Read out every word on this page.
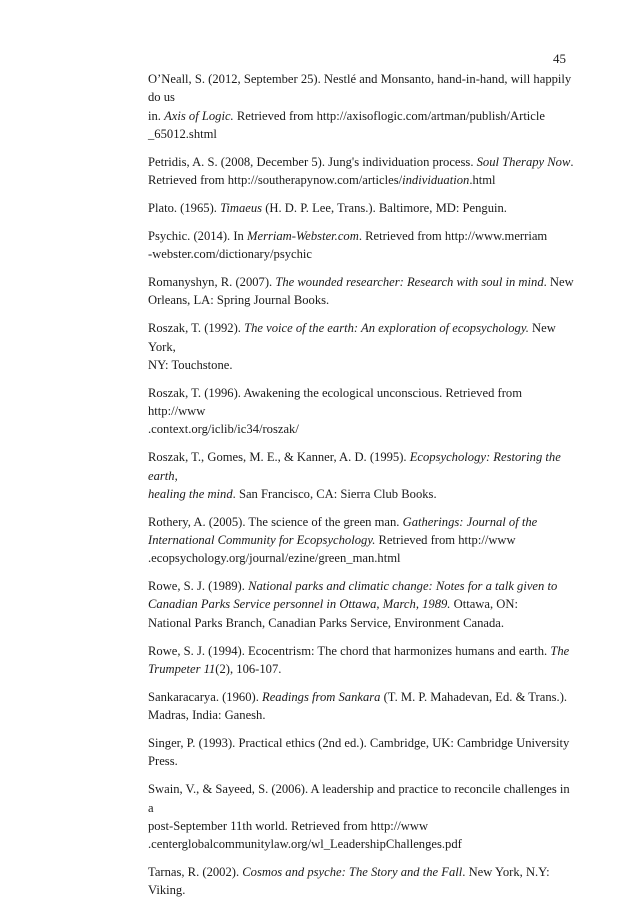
45

O’Neall, S. (2012, September 25). Nestlé and Monsanto, hand-in-hand, will happily do us
in. Axis of Logic. Retrieved from http://axisoflogic.com/artman/publish/Article
_65012.shtml

Petridis, A. S. (2008, December 5). Jung's individuation process. Soul Therapy Now.
Retrieved from http://southerapynow.com/articles/individuation.html

Plato. (1965). Timaeus (H. D. P. Lee, Trans.). Baltimore, MD: Penguin.

Psychic. (2014). In Merriam-Webster.com. Retrieved from http://www.merriam
-webster.com/dictionary/psychic

Romanyshyn, R. (2007). The wounded researcher: Research with soul in mind. New
Orleans, LA: Spring Journal Books.

Roszak, T. (1992). The voice of the earth: An exploration of ecopsychology. New York,
NY: Touchstone.

Roszak, T. (1996). Awakening the ecological unconscious. Retrieved from http://www
.context.org/iclib/ic34/roszak/

Roszak, T., Gomes, M. E., & Kanner, A. D. (1995). Ecopsychology: Restoring the earth,
healing the mind. San Francisco, CA: Sierra Club Books.

Rothery, A. (2005). The science of the green man. Gatherings: Journal of the
International Community for Ecopsychology. Retrieved from http://www
.ecopsychology.org/journal/ezine/green_man.html

Rowe, S. J. (1989). National parks and climatic change: Notes for a talk given to
Canadian Parks Service personnel in Ottawa, March, 1989. Ottawa, ON:
National Parks Branch, Canadian Parks Service, Environment Canada.

Rowe, S. J. (1994). Ecocentrism: The chord that harmonizes humans and earth. The
Trumpeter 11(2), 106-107.

Sankaracarya. (1960). Readings from Sankara (T. M. P. Mahadevan, Ed. & Trans.).
Madras, India: Ganesh.

Singer, P. (1993). Practical ethics (2nd ed.). Cambridge, UK: Cambridge University
Press.

Swain, V., & Sayeed, S. (2006). A leadership and practice to reconcile challenges in a
post-September 11th world. Retrieved from http://www
.centerglobalcommunitylaw.org/wl_LeadershipChallenges.pdf

Tarnas, R. (2002). Cosmos and psyche: The Story and the Fall. New York, N.Y: Viking.
